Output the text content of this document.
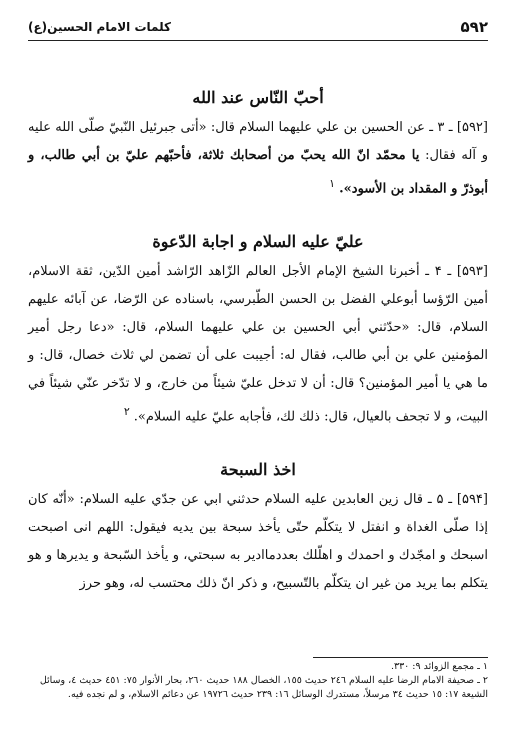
۵۹۲
کلمات الامام الحسین(ع)
أحبّ النّاس عند الله

[۵۹۲] ـ ۳ ـ عن الحسين بن علي عليهما السلام قال: «أتى جبرئيل النّبيّ صلّى الله عليه و آله فقال: يا محمّد انّ الله يحبّ من أصحابك ثلاثة، فأحبّهم عليّ بن أبي طالب، و أبوذرّ و المقداد بن الأسود». $^١$

عليّ عليه السلام و اجابة الدّعوة

[۵۹۳] ـ ۴ ـ أخبرنا الشيخ الإمام الأجل العالم الزّاهد الرّاشد أمين الدّين، ثقة الاسلام، أمين الرّؤسا أبوعلي الفضل بن الحسن الطّبرسي، باسناده عن الرّضا، عن آبائه عليهم السلام، قال: «حدّثني أبي الحسين بن علي عليهما السلام، قال: «دعا رجل أمير المؤمنين علي بن أبي طالب، فقال له: أجيبت على أن تضمن لي ثلاث خصال، قال: و ما هي يا أمير المؤمنين؟ قال: أن لا تدخل عليّ شيئاً من خارج، و لا تدّخر عنّي شيئاً في البيت، و لا تجحف بالعيال، قال: ذلك لك، فأجابه عليّ عليه السلام». $^٢$

اخذ السبحة

[۵۹۴] ـ ۵ ـ قال زين العابدين عليه السلام حدثني ابي عن جدّي عليه السلام: «أنّه كان إذا صلّى الغداة و انفتل لا يتكلّم حتّى يأخذ سبحة بين يديه فيقول: اللهم انى اصبحت اسبحك و امجّدك و احمدك و اهلّلك بعددماادير به سبحتي، و يأخذ السّبحة و يديرها و هو يتكلم بما يريد من غير ان يتكلّم بالتّسبيح، و ذكر انّ ذلك محتسب له، وهو حرز

١ ـ مجمع الزوائد ٩: ٣٣٠.

٢ ـ صحيفة الامام الرضا عليه السلام ٢٤٦ حديث ١٥٥، الخصال ١٨٨ حديث ٢٦٠، بحار الأنوار ٧٥: ٤٥١ حديث ٤، وسائل الشيعة ١٧: ١٥ حديث ٣٤ مرسلاً، مستدرك الوسائل ١٦: ٢٣٩ حديث ١٩٧٢٦ عن دعائم الاسلام، و لم نجده فيه.
